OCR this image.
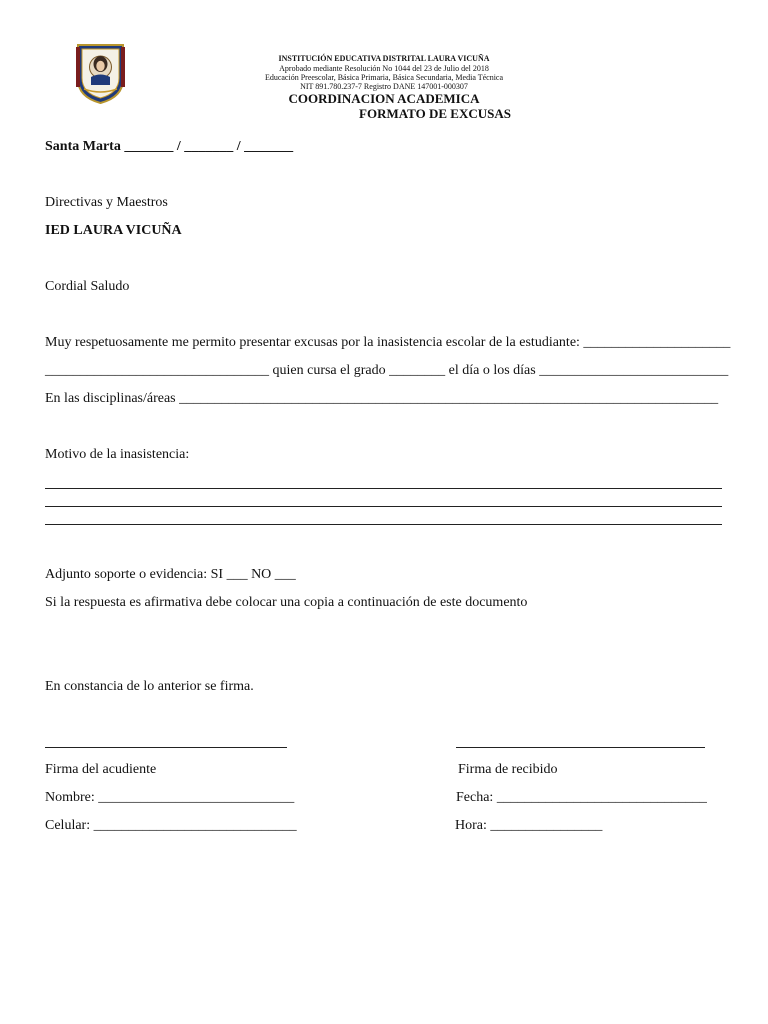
INSTITUCIÓN EDUCATIVA DISTRITAL LAURA VICUÑA
Aprobado mediante Resolución No 1044 del 23 de Julio del 2018
Educación Preescolar, Básica Primaria, Básica Secundaria, Media Técnica
NIT 891.780.237-7 Registro DANE 147001-000307
COORDINACION ACADEMICA
FORMATO DE EXCUSAS
Santa Marta _______ / _______ / _______
Directivas y Maestros
IED LAURA VICUÑA
Cordial Saludo
Muy respetuosamente me permito presentar excusas por la inasistencia escolar de la estudiante: _____________________
________________________________ quien cursa el grado ________ el día o los días ___________________________
En las disciplinas/áreas _____________________________________________________________________________
Motivo de la inasistencia:
Adjunto soporte o evidencia: SI ___ NO ___
Si la respuesta es afirmativa debe colocar una copia a continuación de este documento
En constancia de lo anterior se firma.
Firma del acudiente
Nombre: ____________________________
Celular: _____________________________
Firma de recibido
Fecha: ______________________________
Hora: ________________
